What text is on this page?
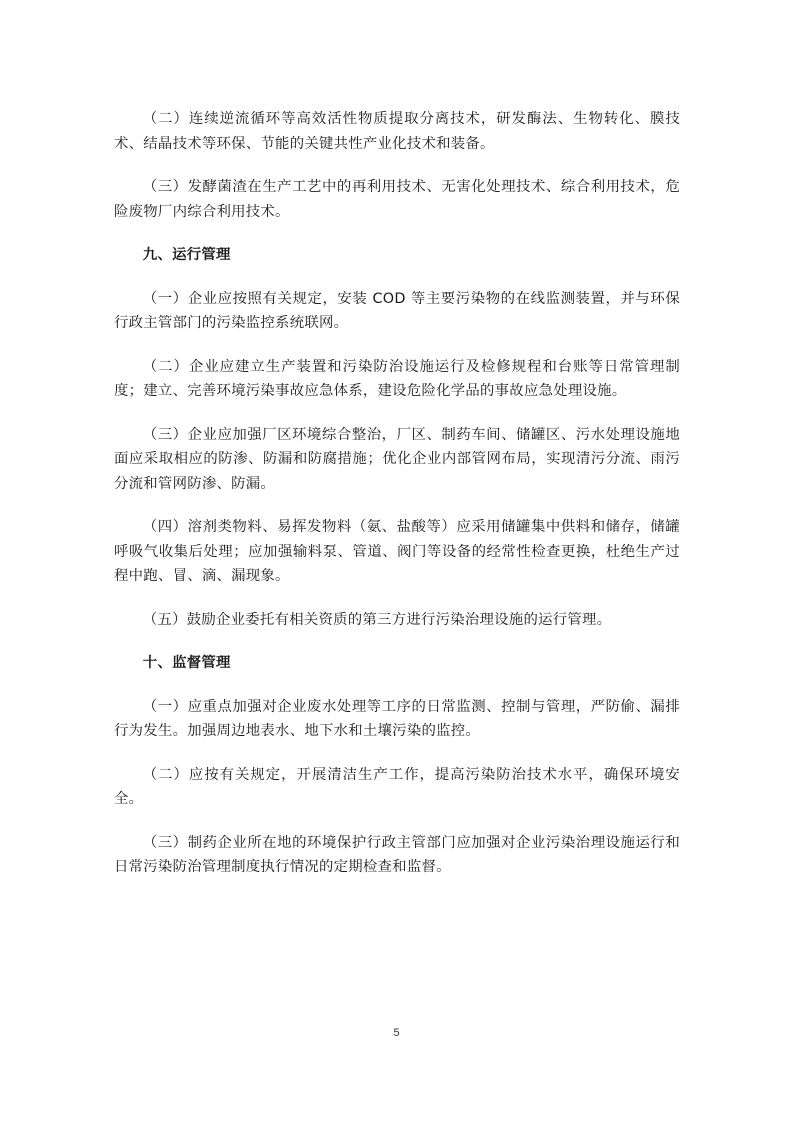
（二）连续逆流循环等高效活性物质提取分离技术，研发酶法、生物转化、膜技术、结晶技术等环保、节能的关键共性产业化技术和装备。

（三）发酵菌渣在生产工艺中的再利用技术、无害化处理技术、综合利用技术，危险废物厂内综合利用技术。

九、运行管理

（一）企业应按照有关规定，安装 COD 等主要污染物的在线监测装置，并与环保行政主管部门的污染监控系统联网。

（二）企业应建立生产装置和污染防治设施运行及检修规程和台账等日常管理制度；建立、完善环境污染事故应急体系，建设危险化学品的事故应急处理设施。

（三）企业应加强厂区环境综合整治，厂区、制药车间、储罐区、污水处理设施地面应采取相应的防渗、防漏和防腐措施；优化企业内部管网布局，实现清污分流、雨污分流和管网防渗、防漏。

（四）溶剂类物料、易挥发物料（氨、盐酸等）应采用储罐集中供料和储存，储罐呼吸气收集后处理；应加强输料泵、管道、阀门等设备的经常性检查更换，杜绝生产过程中跑、冒、滴、漏现象。

（五）鼓励企业委托有相关资质的第三方进行污染治理设施的运行管理。

十、监督管理

（一）应重点加强对企业废水处理等工序的日常监测、控制与管理，严防偷、漏排行为发生。加强周边地表水、地下水和土壤污染的监控。

（二）应按有关规定，开展清洁生产工作，提高污染防治技术水平，确保环境安全。

（三）制药企业所在地的环境保护行政主管部门应加强对企业污染治理设施运行和日常污染防治管理制度执行情况的定期检查和监督。

5
